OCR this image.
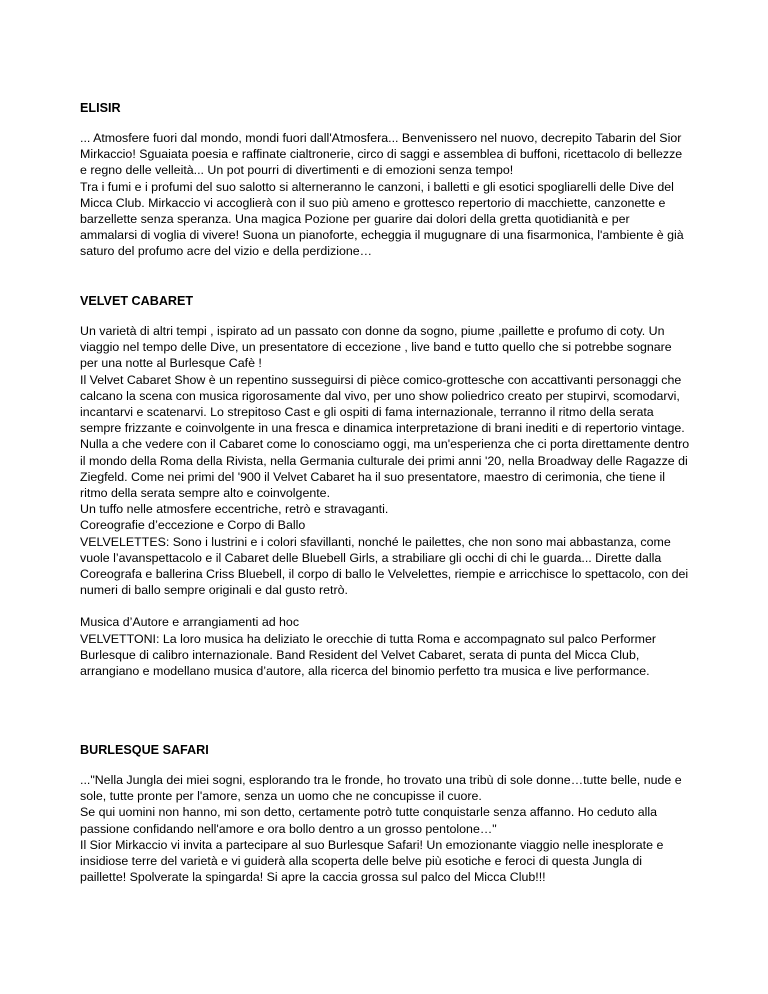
ELISIR

... Atmosfere fuori dal mondo, mondi fuori dall'Atmosfera... Benvenissero nel nuovo, decrepito Tabarin del Sior Mirkaccio! Sguaiata poesia e raffinate cialtronerie, circo di saggi e assemblea di buffoni, ricettacolo di bellezze e regno delle velleità... Un pot pourri di divertimenti e di emozioni senza tempo!

Tra i fumi e i profumi del suo salotto si alterneranno le canzoni, i balletti e gli esotici spogliarelli delle Dive del Micca Club. Mirkaccio vi accoglierà con il suo più ameno e grottesco repertorio di macchiette, canzonette e barzellette senza speranza. Una magica Pozione per guarire dai dolori della gretta quotidianità e per ammalarsi di voglia di vivere! Suona un pianoforte, echeggia il mugugnare di una fisarmonica, l'ambiente è già saturo del profumo acre del vizio e della perdizione…

VELVET CABARET

Un varietà di altri tempi , ispirato ad un passato con donne da sogno, piume ,paillette e profumo di coty. Un viaggio nel tempo delle Dive, un presentatore di eccezione , live band e tutto quello che si potrebbe sognare per una notte al Burlesque Cafè !

Il Velvet Cabaret Show è un repentino susseguirsi di pièce comico-grottesche con accattivanti personaggi che calcano la scena con musica rigorosamente dal vivo, per uno show poliedrico creato per stupirvi, scomodarvi, incantarvi e scatenarvi. Lo strepitoso Cast e gli ospiti di fama internazionale, terranno il ritmo della serata sempre frizzante e coinvolgente in una fresca e dinamica interpretazione di brani inediti e di repertorio vintage. Nulla a che vedere con il Cabaret come lo conosciamo oggi, ma un'esperienza che ci porta direttamente dentro il mondo della Roma della Rivista, nella Germania culturale dei primi anni '20, nella Broadway delle Ragazze di Ziegfeld. Come nei primi del '900 il Velvet Cabaret ha il suo presentatore, maestro di cerimonia, che tiene il ritmo della serata sempre alto e coinvolgente.

Un tuffo nelle atmosfere eccentriche, retrò e stravaganti.

Coreografie d’eccezione e Corpo di Ballo

VELVELETTES: Sono i lustrini e i colori sfavillanti, nonché le pailettes, che non sono mai abbastanza, come vuole l’avanspettacolo e il Cabaret delle Bluebell Girls, a strabiliare gli occhi di chi le guarda... Dirette dalla Coreografa e ballerina Criss Bluebell, il corpo di ballo le Velvelettes, riempie e arricchisce lo spettacolo, con dei numeri di ballo sempre originali e dal gusto retrò.

Musica d’Autore e arrangiamenti ad hoc

VELVETTONI: La loro musica ha deliziato le orecchie di tutta Roma e accompagnato sul palco Performer Burlesque di calibro internazionale. Band Resident del Velvet Cabaret, serata di punta del Micca Club, arrangiano e modellano musica d’autore, alla ricerca del binomio perfetto tra musica e live performance.

BURLESQUE SAFARI

..."Nella Jungla dei miei sogni, esplorando tra le fronde, ho trovato una tribù di sole donne…tutte belle, nude e sole, tutte pronte per l'amore, senza un uomo che ne concupisse il cuore.

Se qui uomini non hanno, mi son detto, certamente potrò tutte conquistarle senza affanno. Ho ceduto alla passione confidando nell'amore e ora bollo dentro a un grosso pentolone…"

Il Sior Mirkaccio vi invita a partecipare al suo Burlesque Safari! Un emozionante viaggio nelle inesplorate e insidiose terre del varietà e vi guiderà alla scoperta delle belve più esotiche e feroci di questa Jungla di paillette! Spolverate la spingarda! Si apre la caccia grossa sul palco del Micca Club!!!
